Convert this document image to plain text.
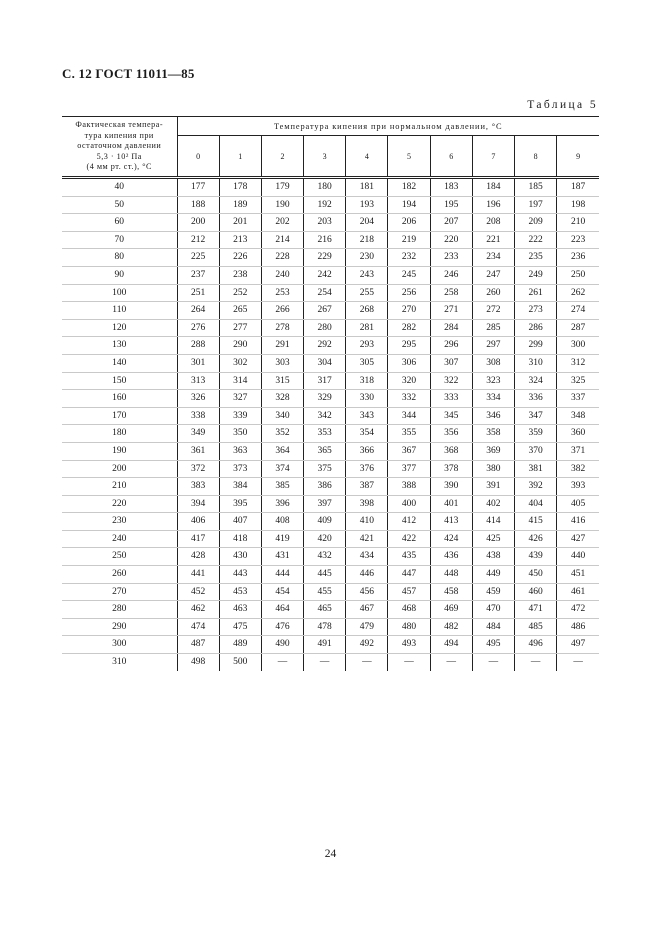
С. 12 ГОСТ 11011—85
Таблица 5
Фактическая темпера-
тура кипения при
остаточном давлении
5,3 · 10² Па
(4 мм рт. ст.), °С	Температура кипения при нормальном давлении, °С									
	0	1	2	3	4	5	6	7	8	9
40	177	178	179	180	181	182	183	184	185	187
50	188	189	190	192	193	194	195	196	197	198
60	200	201	202	203	204	206	207	208	209	210
70	212	213	214	216	218	219	220	221	222	223
80	225	226	228	229	230	232	233	234	235	236
90	237	238	240	242	243	245	246	247	249	250
100	251	252	253	254	255	256	258	260	261	262
110	264	265	266	267	268	270	271	272	273	274
120	276	277	278	280	281	282	284	285	286	287
130	288	290	291	292	293	295	296	297	299	300
140	301	302	303	304	305	306	307	308	310	312
150	313	314	315	317	318	320	322	323	324	325
160	326	327	328	329	330	332	333	334	336	337
170	338	339	340	342	343	344	345	346	347	348
180	349	350	352	353	354	355	356	358	359	360
190	361	363	364	365	366	367	368	369	370	371
200	372	373	374	375	376	377	378	380	381	382
210	383	384	385	386	387	388	390	391	392	393
220	394	395	396	397	398	400	401	402	404	405
230	406	407	408	409	410	412	413	414	415	416
240	417	418	419	420	421	422	424	425	426	427
250	428	430	431	432	434	435	436	438	439	440
260	441	443	444	445	446	447	448	449	450	451
270	452	453	454	455	456	457	458	459	460	461
280	462	463	464	465	467	468	469	470	471	472
290	474	475	476	478	479	480	482	484	485	486
300	487	489	490	491	492	493	494	495	496	497
310	498	500	—	—	—	—	—	—	—	—
24
